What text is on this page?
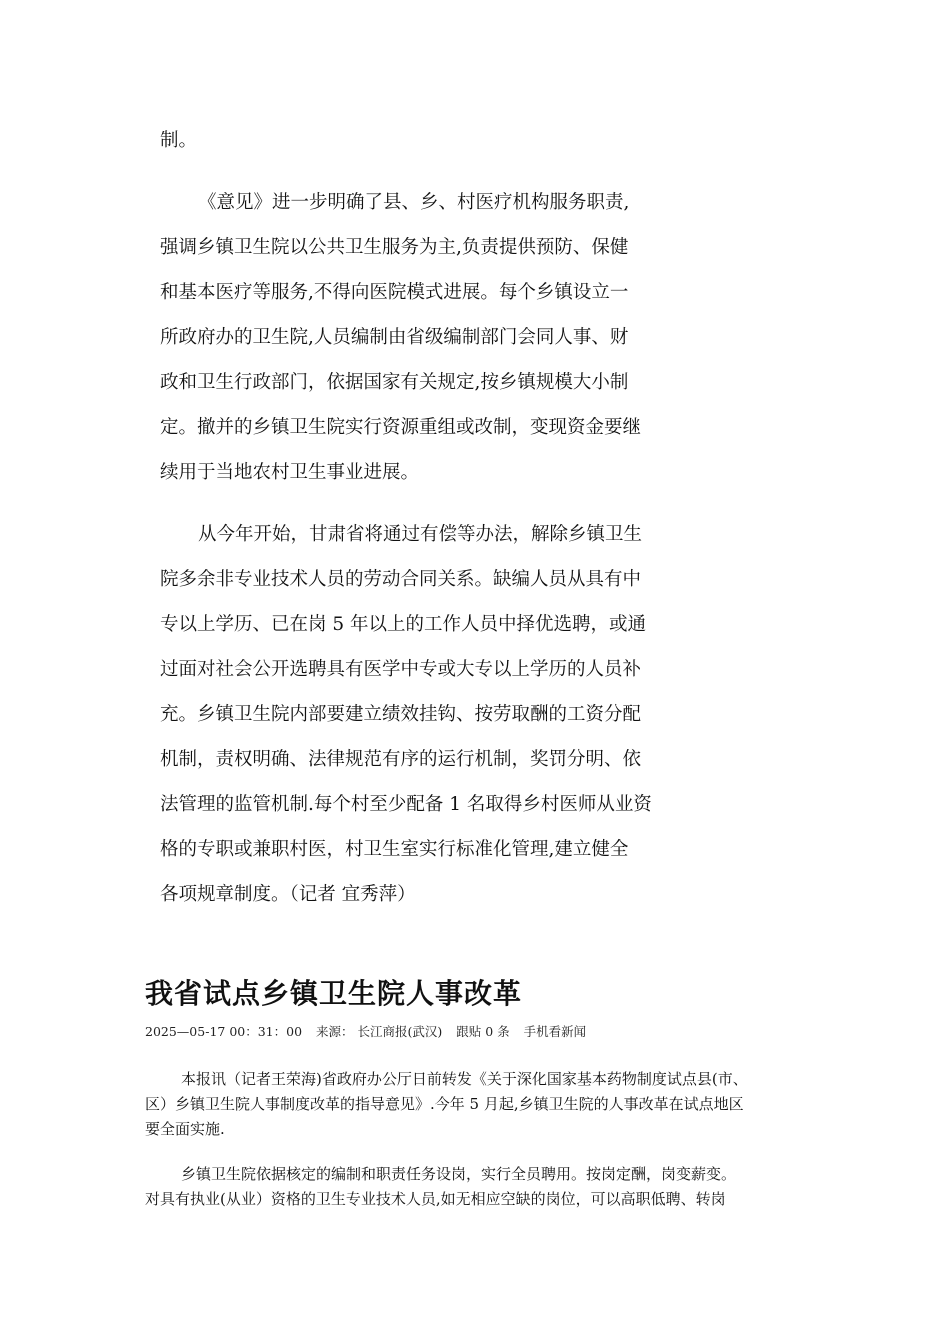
制。
《意见》进一步明确了县、乡、村医疗机构服务职责,
强调乡镇卫生院以公共卫生服务为主,负责提供预防、保健
和基本医疗等服务,不得向医院模式进展。每个乡镇设立一
所政府办的卫生院,人员编制由省级编制部门会同人事、财
政和卫生行政部门，依据国家有关规定,按乡镇规模大小制
定。撤并的乡镇卫生院实行资源重组或改制，变现资金要继
续用于当地农村卫生事业进展。
从今年开始，甘肃省将通过有偿等办法，解除乡镇卫生
院多余非专业技术人员的劳动合同关系。缺编人员从具有中
专以上学历、已在岗 5 年以上的工作人员中择优选聘，或通
过面对社会公开选聘具有医学中专或大专以上学历的人员补
充。乡镇卫生院内部要建立绩效挂钩、按劳取酬的工资分配
机制，责权明确、法律规范有序的运行机制，奖罚分明、依
法管理的监管机制.每个村至少配备 1 名取得乡村医师从业资
格的专职或兼职村医，村卫生室实行标准化管理,建立健全
各项规章制度。（记者 宜秀萍）
我省试点乡镇卫生院人事改革
2025—05-17 00：31：00 来源： 长江商报(武汉) 跟贴 0 条 手机看新闻
本报讯（记者王荣海)省政府办公厅日前转发《关于深化国家基本药物制度试点县(市、
区）乡镇卫生院人事制度改革的指导意见》.今年 5 月起,乡镇卫生院的人事改革在试点地区
要全面实施.
乡镇卫生院依据核定的编制和职责任务设岗，实行全员聘用。按岗定酬，岗变薪变。
对具有执业(从业）资格的卫生专业技术人员,如无相应空缺的岗位，可以高职低聘、转岗
